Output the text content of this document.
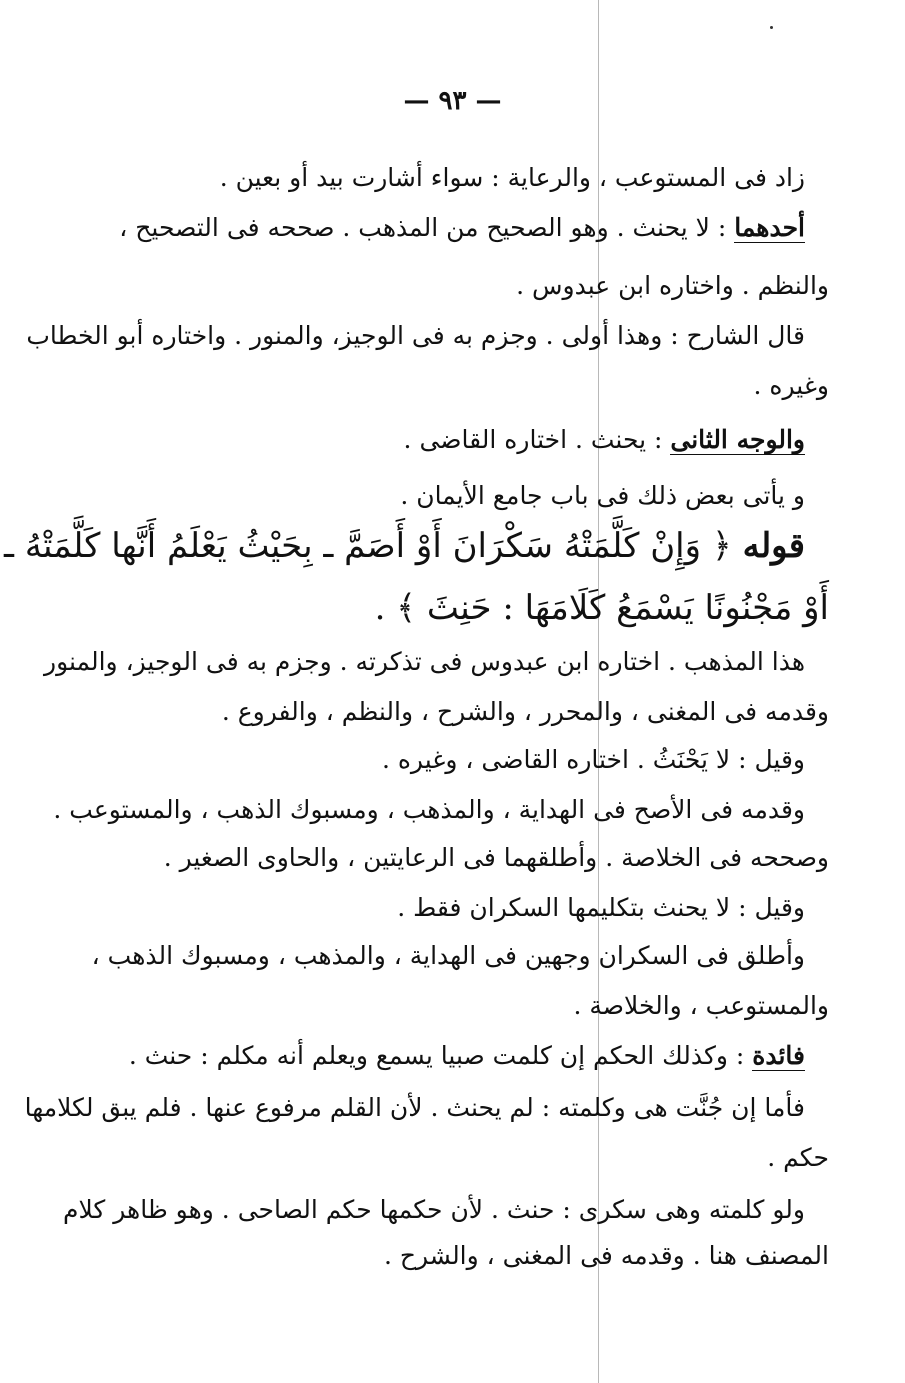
— ٩٣ —
زاد فى المستوعب ، والرعاية : سواء أشارت بيد أو بعين .
أحدهما : لا يحنث . وهو الصحيح من المذهب . صححه فى التصحيح ،
والنظم . واختاره ابن عبدوس .
قال الشارح : وهذا أولى . وجزم به فى الوجيز، والمنور . واختاره أبو الخطاب
وغيره .
والوجه الثانى : يحنث . اختاره القاضى .
و يأتى بعض ذلك فى باب جامع الأيمان .
قوله ﴿ وَإِنْ كَلَّمَتْهُ سَكْرَانَ أَوْ أَصَمَّ ـ بِحَيْثُ يَعْلَمُ أَنَّها كَلَّمَتْهُ ـ
أَوْ مَجْنُونًا يَسْمَعُ كَلَامَهَا : حَنِثَ ﴾ .
هذا المذهب . اختاره ابن عبدوس فى تذكرته . وجزم به فى الوجيز، والمنور
وقدمه فى المغنى ، والمحرر ، والشرح ، والنظم ، والفروع .
وقيل : لا يَحْنَثُ . اختاره القاضى ، وغيره .
وقدمه فى الأصح فى الهداية ، والمذهب ، ومسبوك الذهب ، والمستوعب .
وصححه فى الخلاصة . وأطلقهما فى الرعايتين ، والحاوى الصغير .
وقيل : لا يحنث بتكليمها السكران فقط .
وأطلق فى السكران وجهين فى الهداية ، والمذهب ، ومسبوك الذهب ،
والمستوعب ، والخلاصة .
فائدة : وكذلك الحكم إن كلمت صبيا يسمع ويعلم أنه مكلم : حنث .
فأما إن جُنَّت هى وكلمته : لم يحنث . لأن القلم مرفوع عنها . فلم يبق لكلامها
حكم .
ولو كلمته وهى سكرى : حنث . لأن حكمها حكم الصاحى . وهو ظاهر كلام
المصنف هنا . وقدمه فى المغنى ، والشرح .
